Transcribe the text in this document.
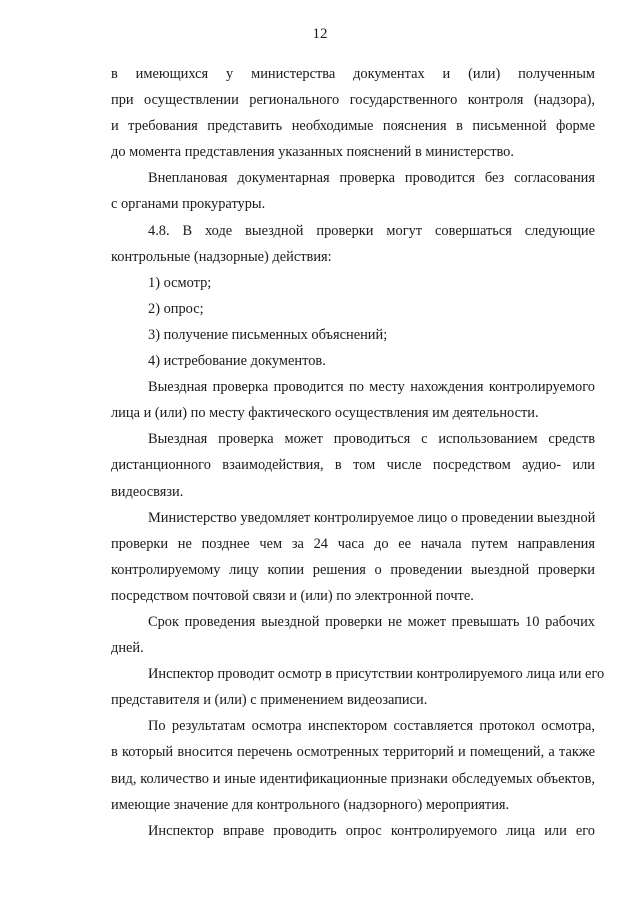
12
в имеющихся у министерства документах и (или) полученным
при осуществлении регионального государственного контроля (надзора),
и требования представить необходимые пояснения в письменной форме
до момента представления указанных пояснений в министерство.
Внеплановая документарная проверка проводится без согласования
с органами прокуратуры.
4.8. В ходе выездной проверки могут совершаться следующие
контрольные (надзорные) действия:
1) осмотр;
2) опрос;
3) получение письменных объяснений;
4) истребование документов.
Выездная проверка проводится по месту нахождения контролируемого
лица и (или) по месту фактического осуществления им деятельности.
Выездная проверка может проводиться с использованием средств
дистанционного взаимодействия, в том числе посредством аудио- или
видеосвязи.
Министерство уведомляет контролируемое лицо о проведении выездной
проверки не позднее чем за 24 часа до ее начала путем направления
контролируемому лицу копии решения о проведении выездной проверки
посредством почтовой связи и (или) по электронной почте.
Срок проведения выездной проверки не может превышать 10 рабочих
дней.
Инспектор проводит осмотр в присутствии контролируемого лица или его
представителя и (или) с применением видеозаписи.
По результатам осмотра инспектором составляется протокол осмотра,
в который вносится перечень осмотренных территорий и помещений, а также
вид, количество и иные идентификационные признаки обследуемых объектов,
имеющие значение для контрольного (надзорного) мероприятия.
Инспектор вправе проводить опрос контролируемого лица или его
